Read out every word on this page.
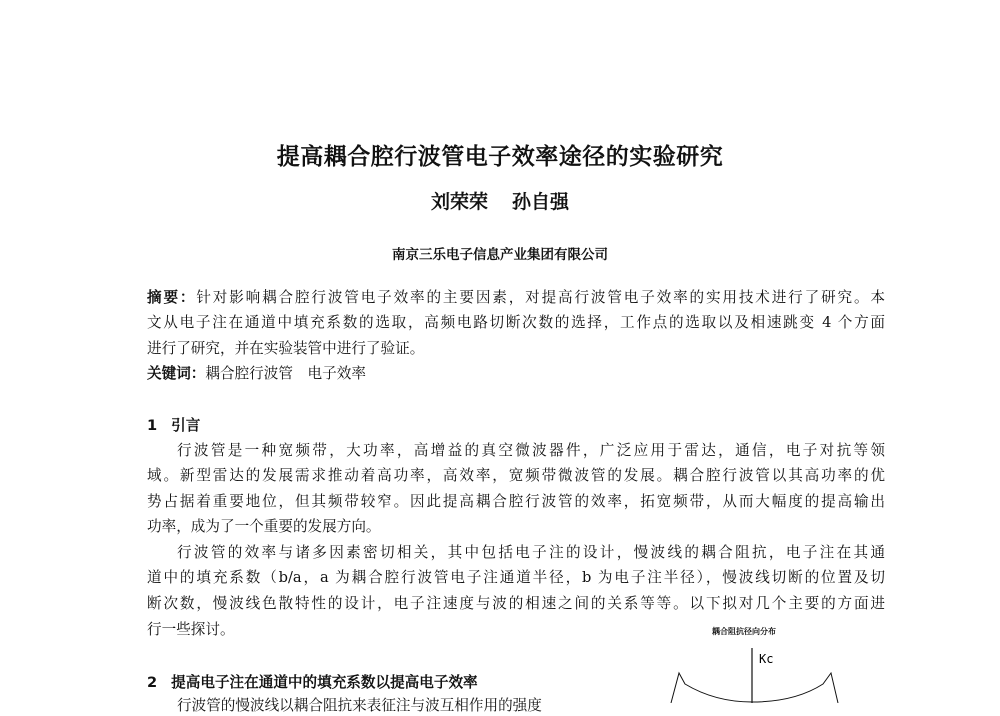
提高耦合腔行波管电子效率途径的实验研究
刘荣荣 孙自强
南京三乐电子信息产业集团有限公司
摘要：针对影响耦合腔行波管电子效率的主要因素，对提高行波管电子效率的实用技术进行了研究。本
文从电子注在通道中填充系数的选取，高频电路切断次数的选择，工作点的选取以及相速跳变 4 个方面
进行了研究，并在实验装管中进行了验证。
关键词：耦合腔行波管　电子效率
1 引言
行波管是一种宽频带，大功率，高增益的真空微波器件，广泛应用于雷达，通信，电子对抗等领
域。新型雷达的发展需求推动着高功率，高效率，宽频带微波管的发展。耦合腔行波管以其高功率的优
势占据着重要地位，但其频带较窄。因此提高耦合腔行波管的效率，拓宽频带，从而大幅度的提高输出
功率，成为了一个重要的发展方向。
行波管的效率与诸多因素密切相关，其中包括电子注的设计，慢波线的耦合阻抗，电子注在其通
道中的填充系数（b/a，a 为耦合腔行波管电子注通道半径，b 为电子注半径），慢波线切断的位置及切
断次数，慢波线色散特性的设计，电子注速度与波的相速之间的关系等等。以下拟对几个主要的方面进
行一些探讨。
2 提高电子注在通道中的填充系数以提高电子效率
行波管的慢波线以耦合阻抗来表征注与波互相作用的强度
耦合阻抗径向分布
Kc
